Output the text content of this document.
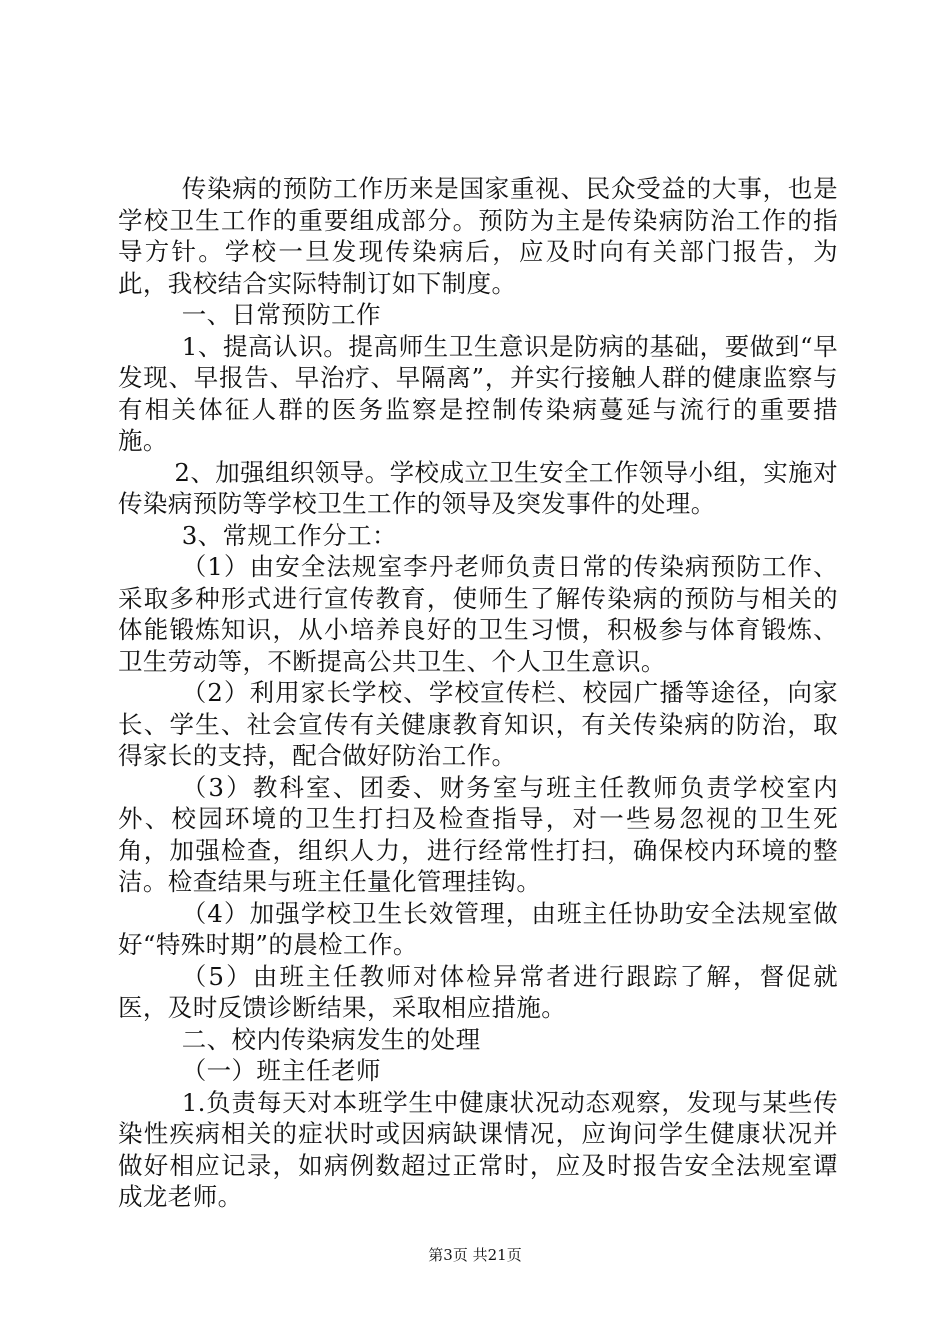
传染病的预防工作历来是国家重视、民众受益的大事，也是学校卫生工作的重要组成部分。预防为主是传染病防治工作的指导方针。学校一旦发现传染病后，应及时向有关部门报告，为此，我校结合实际特制订如下制度。

一、日常预防工作

1、提高认识。提高师生卫生意识是防病的基础，要做到“早发现、早报告、早治疗、早隔离”，并实行接触人群的健康监察与有相关体征人群的医务监察是控制传染病蔓延与流行的重要措施。

2、加强组织领导。学校成立卫生安全工作领导小组，实施对传染病预防等学校卫生工作的领导及突发事件的处理。

3、常规工作分工：

（1）由安全法规室李丹老师负责日常的传染病预防工作、采取多种形式进行宣传教育，使师生了解传染病的预防与相关的体能锻炼知识，从小培养良好的卫生习惯，积极参与体育锻炼、卫生劳动等，不断提高公共卫生、个人卫生意识。

（2）利用家长学校、学校宣传栏、校园广播等途径，向家长、学生、社会宣传有关健康教育知识，有关传染病的防治，取得家长的支持，配合做好防治工作。

（3）教科室、团委、财务室与班主任教师负责学校室内外、校园环境的卫生打扫及检查指导，对一些易忽视的卫生死角，加强检查，组织人力，进行经常性打扫，确保校内环境的整洁。检查结果与班主任量化管理挂钩。

（4）加强学校卫生长效管理，由班主任协助安全法规室做好“特殊时期”的晨检工作。

（5）由班主任教师对体检异常者进行跟踪了解，督促就医，及时反馈诊断结果，采取相应措施。

二、校内传染病发生的处理

（一）班主任老师

1.负责每天对本班学生中健康状况动态观察，发现与某些传染性疾病相关的症状时或因病缺课情况，应询问学生健康状况并做好相应记录，如病例数超过正常时，应及时报告安全法规室谭成龙老师。

第3页 共21页
